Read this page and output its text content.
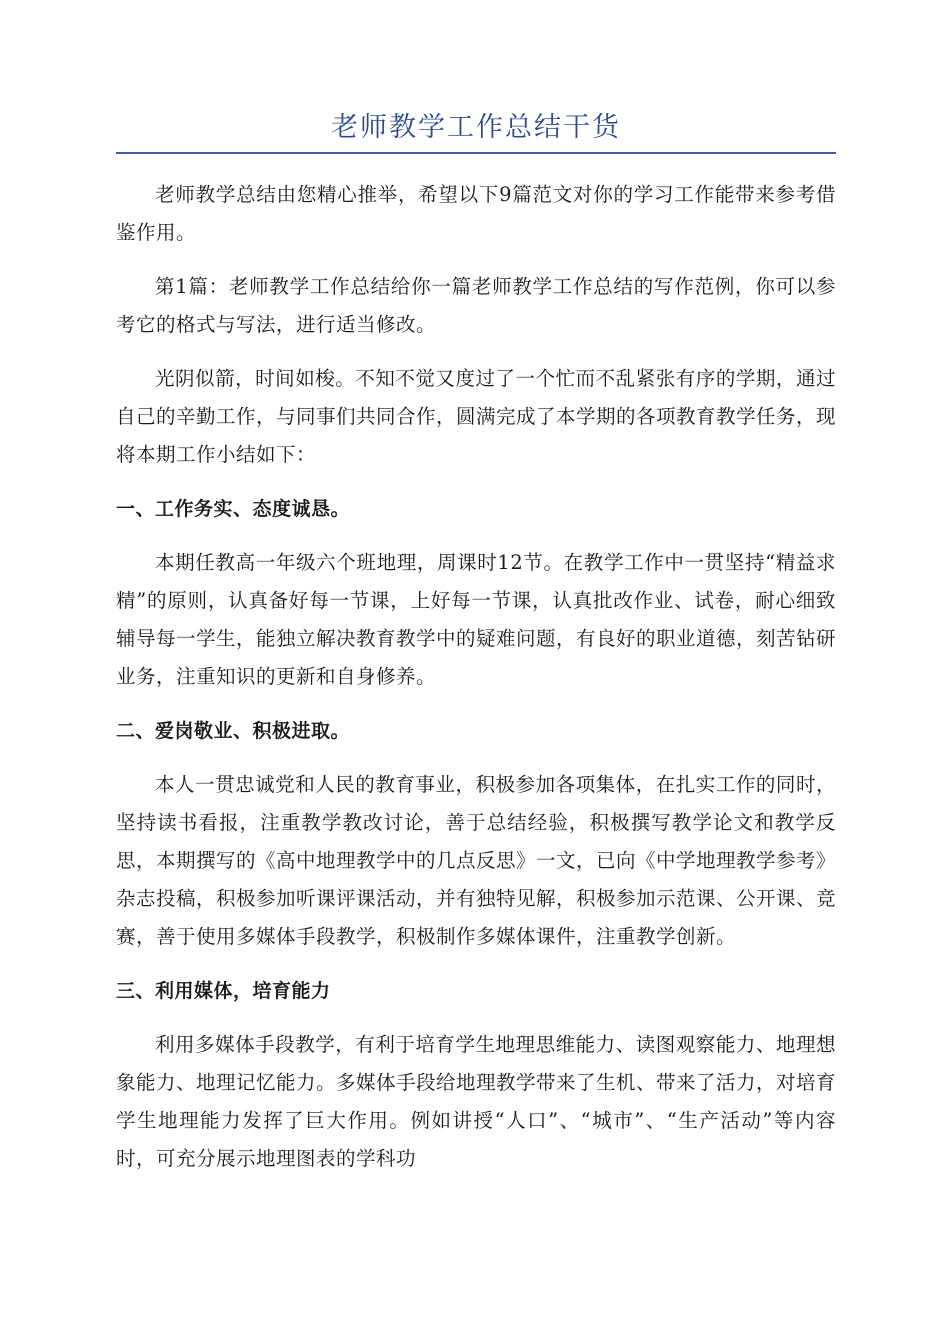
老师教学工作总结干货

老师教学总结由您精心推举，希望以下9篇范文对你的学习工作能带来参考借鉴作用。

第1篇：老师教学工作总结给你一篇老师教学工作总结的写作范例，你可以参考它的格式与写法，进行适当修改。

光阴似箭，时间如梭。不知不觉又度过了一个忙而不乱紧张有序的学期，通过自己的辛勤工作，与同事们共同合作，圆满完成了本学期的各项教育教学任务，现将本期工作小结如下：

一、工作务实、态度诚恳。

本期任教高一年级六个班地理，周课时12节。在教学工作中一贯坚持“精益求精”的原则，认真备好每一节课，上好每一节课，认真批改作业、试卷，耐心细致辅导每一学生，能独立解决教育教学中的疑难问题，有良好的职业道德，刻苦钻研业务，注重知识的更新和自身修养。

二、爱岗敬业、积极进取。

本人一贯忠诚党和人民的教育事业，积极参加各项集体，在扎实工作的同时，坚持读书看报，注重教学教改讨论，善于总结经验，积极撰写教学论文和教学反思，本期撰写的《高中地理教学中的几点反思》一文，已向《中学地理教学参考》杂志投稿，积极参加听课评课活动，并有独特见解，积极参加示范课、公开课、竞赛，善于使用多媒体手段教学，积极制作多媒体课件，注重教学创新。

三、利用媒体，培育能力

利用多媒体手段教学，有利于培育学生地理思维能力、读图观察能力、地理想象能力、地理记忆能力。多媒体手段给地理教学带来了生机、带来了活力，对培育学生地理能力发挥了巨大作用。例如讲授“人口”、“城市”、“生产活动”等内容时，可充分展示地理图表的学科功
